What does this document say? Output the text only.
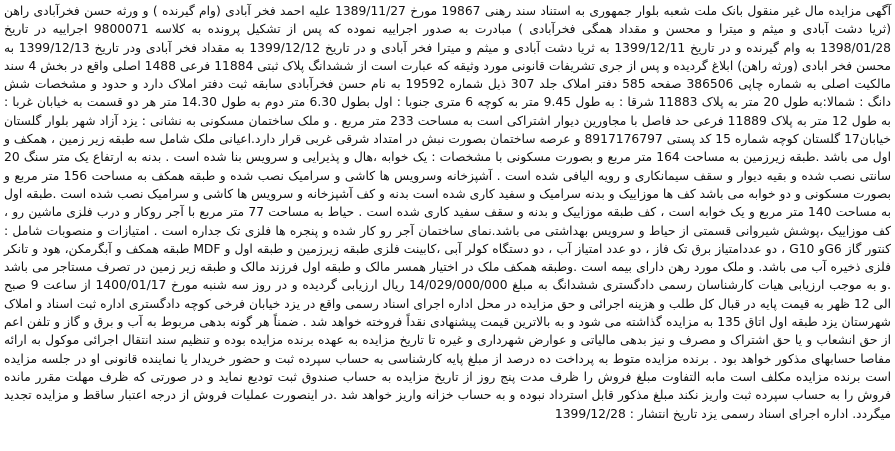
آگهی مزایده مال غیر منقول بانک ملت شعبه بلوار جمهوری به استناد سند رهنی 19867 مورخ 1389/11/27 علیه احمد فخر آبادی (وام گیرنده ) و ورثه حسن فخرآبادی راهن (ثریا دشت آبادی و میثم و میترا و محسن و مقداد همگی فخرآبادی ) مبادرت به صدور اجراییه نموده که پس از تشکیل پرونده به کلاسه 9800071 اجراییه در تاریخ 1398/01/28 به وام گیرنده و در تاریخ 1399/12/11 به ثریا دشت آبادی و میثم و میترا فخر آبادی و در تاریخ 1399/12/12 به مقداد فخر آبادی ودر تاریخ 1399/12/13 به محسن فخر ابادی (ورثه راهن) ابلاغ گردیده و پس از جری تشریفات قانونی مورد وثیقه که عبارت است از ششدانگ پلاک ثبتی 11884 فرعی 1488 اصلی واقع در بخش 4 سند مالکیت اصلی به شماره چاپی 386506 صفحه 585 دفتر املاک جلد 307 ذیل شماره 19592 به نام حسن فخرآبادی سابقه ثبت دفتر املاک دارد و حدود و مشخصات شش دانگ : شمالا:به طول 20 متر به پلاک 11883 شرقا : به طول 9.45 متر به کوچه 6 متری جنوبا : اول بطول 6.30 متر دوم به طول 14.30 متر هر دو قسمت به خیابان غربا : به طول 12 متر به پلاک 11889 فرعی حد فاصل با مجاورین دیوار اشتراکی است به مساحت 233 متر مربع . و ملک ساختمان مسکونی به نشانی : یزد آزاد شهر بلوار گلستان خیابان17 گلستان کوچه شماره 15 کد پستی 8917176797 و عرصه ساختمان بصورت نبش در امتداد شرقی غربی قرار دارد.اعیانی ملک شامل سه طبقه زیر زمین ، همکف و اول می باشد .طبقه زیرزمین به مساحت 164 متر مربع و بصورت مسکونی با مشخصات : یک خوابه ،هال و پذیرایی و سرویس بنا شده است . بدنه به ارتفاع یک متر سنگ 20 سانتی نصب شده و بقیه دیوار و سقف سیمانکاری و رویه الیافی شده است . آشپزخانه وسرویس ها کاشی و سرامیک نصب شده و طبقه همکف به مساحت 156 متر مربع و بصورت مسکونی و دو خوابه می باشد کف ها موزاییک و بدنه سرامیک و سفید کاری شده است بدنه و کف آشپزخانه و سرویس ها کاشی و سرامیک نصب شده است .طبقه اول به مساحت 140 متر مربع و یک خوابه است ، کف طبقه موزاییک و بدنه و سقف سفید کاری شده است . حیاط به مساحت 77 متر مربع با آجر روکار و درب فلزی ماشین رو ، کف موزاییک ،پوشش شیروانی قسمتی از حیاط و سرویس بهداشتی می باشد.نمای ساختمان آجر رو کار شده و پنجره ها فلزی تک جداره است . امتیازات و منصوبات شامل : کنتور گاز G6و G10 ، دو عددامتیاز برق تک فاز ، دو عدد امتیاز آب ، دو دستگاه کولر آبی ،کابینت فلزی طبقه زیرزمین و طبقه اول و MDF طبقه همکف و آبگرمکن، هود و تانکر فلزی ذخیره آب می باشد. و ملک مورد رهن دارای بیمه است .وطبقه همکف ملک در اختیار همسر مالک و طبقه اول فرزند مالک و طبقه زیر زمین در تصرف مستاجر می باشد .و به موجب ارزیابی هیات کارشناسان رسمی دادگستری ششدانگ به مبلغ 14/029/000/000 ریال ارزیابی گردیده و در روز سه شنبه مورخ 1400/01/17 از ساعت 9 صبح الی 12 ظهر به قیمت پایه در قبال کل طلب و هزینه اجرائی و حق مزایده در محل اداره اجرای اسناد رسمی واقع در یزد خیابان فرخی کوچه دادگستری اداره ثبت اسناد و املاک شهرستان یزد طبقه اول اتاق 135 به مزایده گذاشته می شود و به بالاترین قیمت پیشنهادی نقداً فروخته خواهد شد . ضمناً هر گونه بدهی مربوط به آب و برق و گاز و تلفن اعم از حق انشعاب و یا حق اشتراک و مصرف و نیز بدهی مالیاتی و عوارض شهرداری و غیره تا تاریخ مزایده به عهده برنده مزایده بوده و تنظیم سند انتقال اجرائی موکول به ارائه مفاصا حسابهای مذکور خواهد بود . برنده مزایده متوط به پرداخت ده درصد از مبلغ پایه کارشناسی به حساب سپرده ثبت و حضور خریدار یا نماینده قانونی او در جلسه مزایده است برنده مزایده مکلف است مابه التفاوت مبلغ فروش را ظرف مدت پنج روز از تاریخ مزایده به حساب صندوق ثبت تودیع نماید و در صورتی که ظرف مهلت مقرر مانده فروش را به حساب سپرده ثبت واریز نکند مبلغ مذکور قابل استرداد نبوده و به حساب خزانه واریز خواهد شد .در اینصورت عملیات فروش از درجه اعتبار ساقط و مزایده تجدید میگردد. اداره اجرای اسناد رسمی یزد تاریخ انتشار : 1399/12/28
